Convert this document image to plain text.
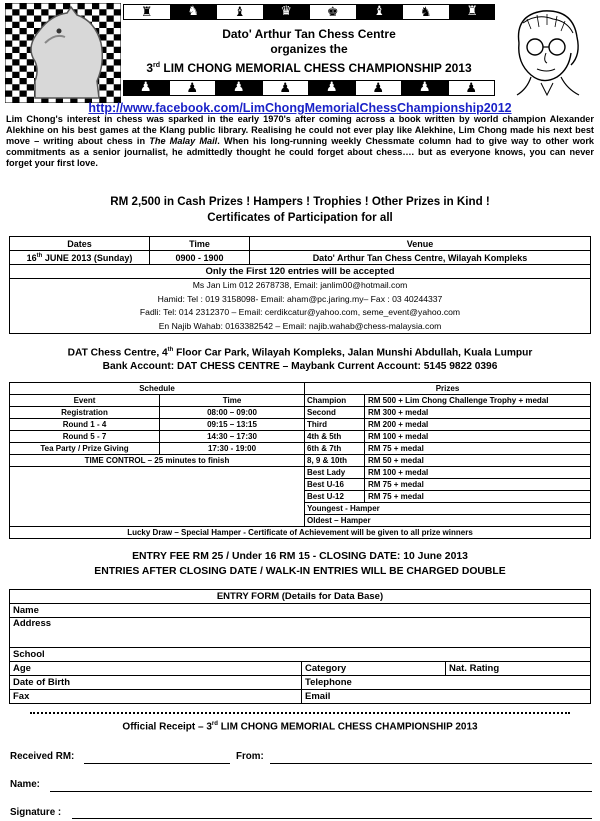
♜	♞	♝	♛	♚	♝	♞	♜
Dato' Arthur Tan Chess Centre
organizes the
3rd LIM CHONG MEMORIAL CHESS CHAMPIONSHIP 2013
♟	♟	♟	♟	♟	♟	♟	♟
http://www.facebook.com/LimChongMemorialChessChampionship2012
Lim Chong's interest in chess was sparked in the early 1970's after coming across a book written by world champion Alexander Alekhine on his best games at the Klang public library. Realising he could not ever play like Alekhine, Lim Chong made his next best move – writing about chess in The Malay Mail. When his long-running weekly Chessmate column had to give way to other work commitments as a senior journalist, he admittedly thought he could forget about chess…. but as everyone knows, you can never forget your first love.
RM 2,500 in Cash Prizes ! Hampers ! Trophies ! Other Prizes in Kind !
Certificates of Participation for all
Dates	Time	Venue
16th JUNE 2013 (Sunday)	0900 - 1900	Dato' Arthur Tan Chess Centre, Wilayah Kompleks
Only the First 120 entries will be accepted		

Ms Jan Lim 012 2678738, Email: janlim00@hotmail.com
Hamid: Tel : 019 3158098- Email: aham@pc.jaring.my– Fax : 03 40244337
Fadli: Tel: 014 2312370 – Email: cerdikcatur@yahoo.com, seme_event@yahoo.com
En Najib Wahab: 0163382542 – Email: najib.wahab@chess-malaysia.com		
DAT Chess Centre, 4th Floor Car Park, Wilayah Kompleks, Jalan Munshi Abdullah, Kuala Lumpur
Bank Account: DAT CHESS CENTRE – Maybank Current Account: 5145 9822 0396
Schedule		Prizes	
Event	Time	Champion	RM 500 + Lim Chong Challenge Trophy + medal
Registration	08:00 – 09:00	Second	RM 300 + medal
Round 1 - 4	09:15 – 13:15	Third	RM 200 + medal
Round 5 - 7	14:30 – 17:30	4th & 5th	RM 100 + medal
Tea Party / Prize Giving	17:30 - 19:00	6th & 7th	RM 75 + medal
TIME CONTROL – 25 minutes to finish		8, 9 & 10th	RM 50 + medal
		Best Lady	RM 100 + medal
		Best U-16	RM 75 + medal
		Best U-12	RM 75 + medal
		Youngest - Hamper	
		Oldest – Hamper	
Lucky Draw – Special Hamper - Certificate of Achievement will be given to all prize winners			
ENTRY FEE RM 25 / Under 16 RM 15 - CLOSING DATE: 10 June 2013
ENTRIES AFTER CLOSING DATE / WALK-IN ENTRIES WILL BE CHARGED DOUBLE
ENTRY FORM (Details for Data Base)		
Name		
Address		
School		
Age	Category	Nat. Rating
Date of Birth	Telephone	
Fax	Email	
Official Receipt – 3rd LIM CHONG MEMORIAL CHESS CHAMPIONSHIP 2013
Received RM:	From:
Name:
Signature :
